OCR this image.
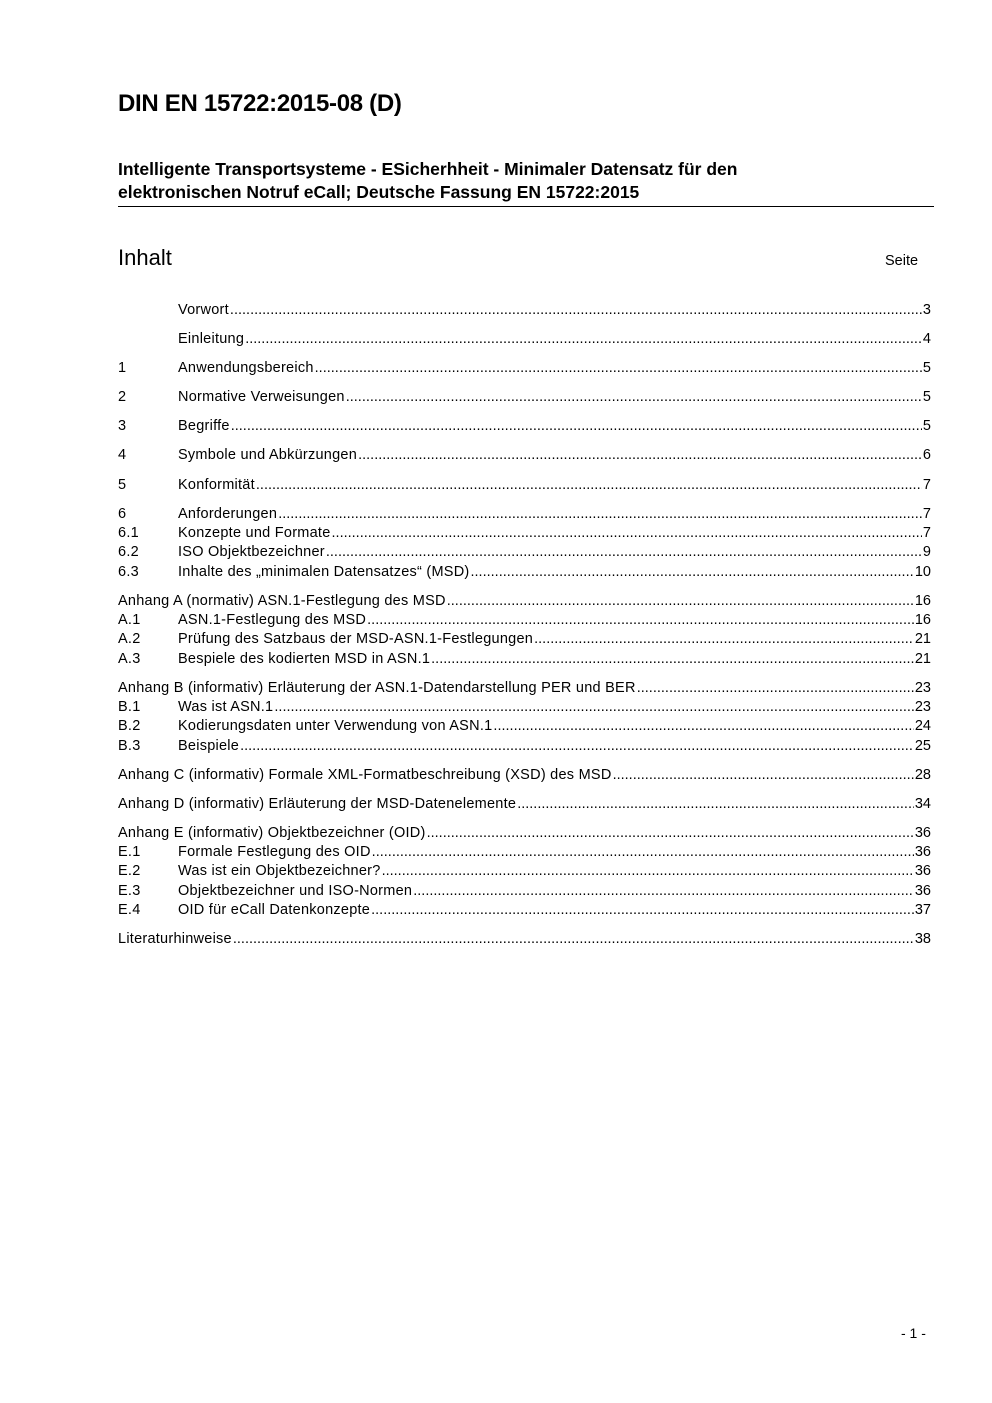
DIN EN 15722:2015-08 (D)
Intelligente Transportsysteme - ESicherhheit - Minimaler Datensatz für den
elektronischen Notruf eCall; Deutsche Fassung EN 15722:2015
Inhalt	Seite
Vorwort .....	3
Einleitung .....	4
1	Anwendungsbereich .....	5
2	Normative Verweisungen .....	5
3	Begriffe .....	5
4	Symbole und Abkürzungen .....	6
5	Konformität .....	7
6	Anforderungen .....	7
6.1	Konzepte und Formate .....	7
6.2	ISO Objektbezeichner .....	9
6.3	Inhalte des „minimalen Datensatzes“ (MSD) .....	10
Anhang A (normativ) ASN.1-Festlegung des MSD .....	16
A.1	ASN.1-Festlegung des MSD .....	16
A.2	Prüfung des Satzbaus der MSD-ASN.1-Festlegungen .....	21
A.3	Bespiele des kodierten MSD in ASN.1 .....	21
Anhang B (informativ) Erläuterung der ASN.1-Datendarstellung PER und BER .....	23
B.1	Was ist ASN.1 .....	23
B.2	Kodierungsdaten unter Verwendung von ASN.1 .....	24
B.3	Beispiele .....	25
Anhang C (informativ) Formale XML-Formatbeschreibung (XSD) des MSD .....	28
Anhang D (informativ) Erläuterung der MSD-Datenelemente .....	34
Anhang E (informativ) Objektbezeichner (OID) .....	36
E.1	Formale Festlegung des OID .....	36
E.2	Was ist ein Objektbezeichner? .....	36
E.3	Objektbezeichner und ISO-Normen .....	36
E.4	OID für eCall Datenkonzepte .....	37
Literaturhinweise .....	38
- 1 -
